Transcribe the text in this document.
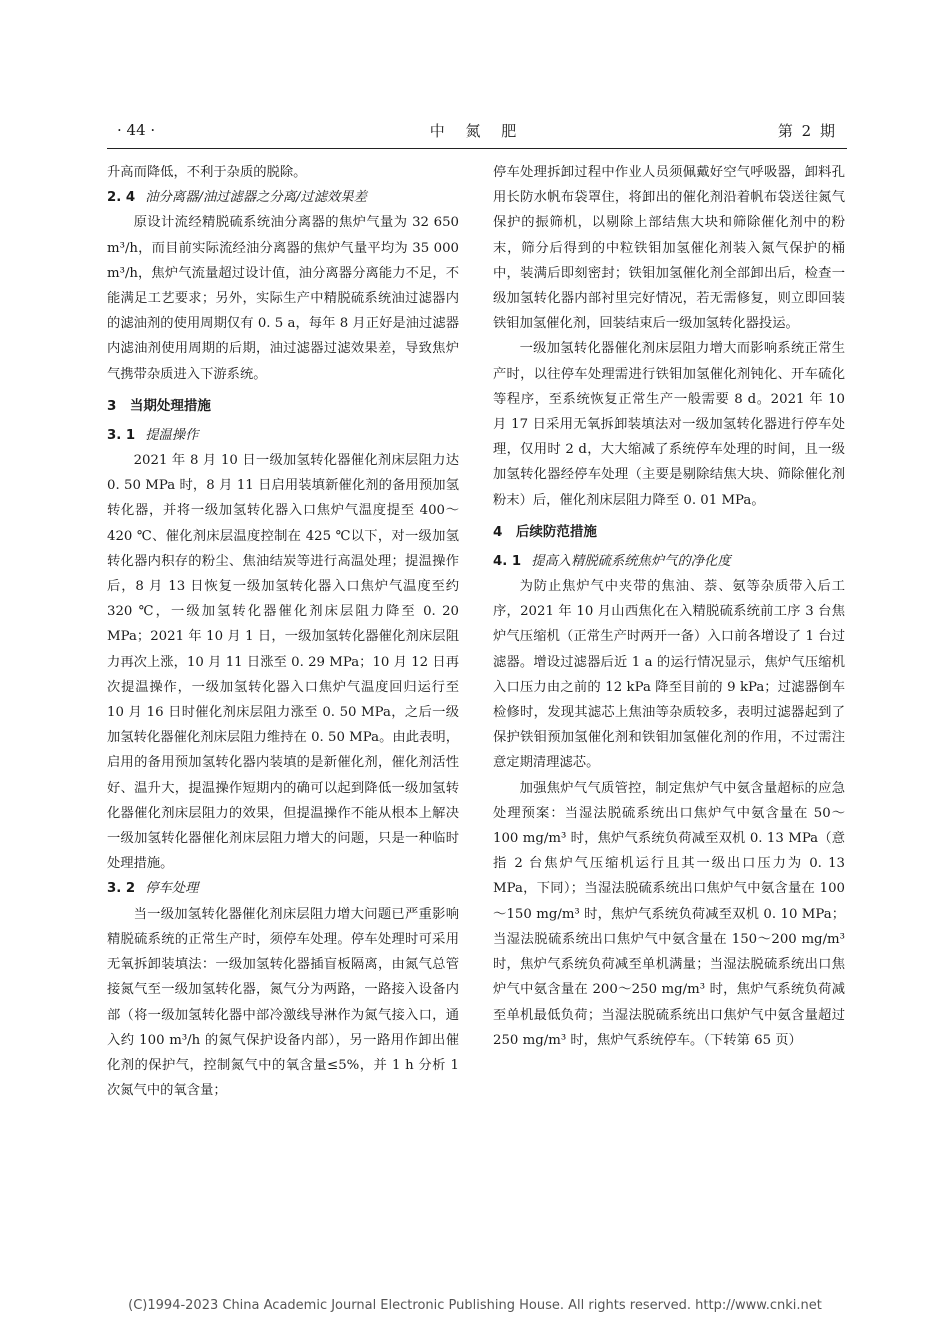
· 44 ·	中 氮 肥	第 2 期

升高而降低，不利于杂质的脱除。

2. 4 油分离器/油过滤器之分离/过滤效果差

原设计流经精脱硫系统油分离器的焦炉气量为 32 650 m³/h，而目前实际流经油分离器的焦炉气量平均为 35 000 m³/h，焦炉气流量超过设计值，油分离器分离能力不足，不能满足工艺要求；另外，实际生产中精脱硫系统油过滤器内的滤油剂的使用周期仅有 0. 5 a，每年 8 月正好是油过滤器内滤油剂使用周期的后期，油过滤器过滤效果差，导致焦炉气携带杂质进入下游系统。

3　当期处理措施
3. 1 提温操作

2021 年 8 月 10 日一级加氢转化器催化剂床层阻力达 0. 50 MPa 时，8 月 11 日启用装填新催化剂的备用预加氢转化器，并将一级加氢转化器入口焦炉气温度提至 400～420 ℃、催化剂床层温度控制在 425 ℃以下，对一级加氢转化器内积存的粉尘、焦油结炭等进行高温处理；提温操作后，8 月 13 日恢复一级加氢转化器入口焦炉气温度至约 320 ℃，一级加氢转化器催化剂床层阻力降至 0. 20 MPa；2021 年 10 月 1 日，一级加氢转化器催化剂床层阻力再次上涨，10 月 11 日涨至 0. 29 MPa；10 月 12 日再次提温操作，一级加氢转化器入口焦炉气温度回归运行至 10 月 16 日时催化剂床层阻力涨至 0. 50 MPa，之后一级加氢转化器催化剂床层阻力维持在 0. 50 MPa。由此表明，启用的备用预加氢转化器内装填的是新催化剂，催化剂活性好、温升大，提温操作短期内的确可以起到降低一级加氢转化器催化剂床层阻力的效果，但提温操作不能从根本上解决一级加氢转化器催化剂床层阻力增大的问题，只是一种临时处理措施。

3. 2 停车处理

当一级加氢转化器催化剂床层阻力增大问题已严重影响精脱硫系统的正常生产时，须停车处理。停车处理时可采用无氧拆卸装填法：一级加氢转化器插盲板隔离，由氮气总管接氮气至一级加氢转化器，氮气分为两路，一路接入设备内部（将一级加氢转化器中部冷激线导淋作为氮气接入口，通入约 100 m³/h 的氮气保护设备内部），另一路用作卸出催化剂的保护气，控制氮气中的氧含量≤5%，并 1 h 分析 1 次氮气中的氧含量；

停车处理拆卸过程中作业人员须佩戴好空气呼吸器，卸料孔用长防水帆布袋罩住，将卸出的催化剂沿着帆布袋送往氮气保护的振筛机，以剔除上部结焦大块和筛除催化剂中的粉末，筛分后得到的中粒铁钼加氢催化剂装入氮气保护的桶中，装满后即刻密封；铁钼加氢催化剂全部卸出后，检查一级加氢转化器内部衬里完好情况，若无需修复，则立即回装铁钼加氢催化剂，回装结束后一级加氢转化器投运。

一级加氢转化器催化剂床层阻力增大而影响系统正常生产时，以往停车处理需进行铁钼加氢催化剂钝化、开车硫化等程序，至系统恢复正常生产一般需要 8 d。2021 年 10 月 17 日采用无氧拆卸装填法对一级加氢转化器进行停车处理，仅用时 2 d，大大缩减了系统停车处理的时间，且一级加氢转化器经停车处理（主要是剔除结焦大块、筛除催化剂粉末）后，催化剂床层阻力降至 0. 01 MPa。

4　后续防范措施
4. 1 提高入精脱硫系统焦炉气的净化度

为防止焦炉气中夹带的焦油、萘、氨等杂质带入后工序，2021 年 10 月山西焦化在入精脱硫系统前工序 3 台焦炉气压缩机（正常生产时两开一备）入口前各增设了 1 台过滤器。增设过滤器后近 1 a 的运行情况显示，焦炉气压缩机入口压力由之前的 12 kPa 降至目前的 9 kPa；过滤器倒车检修时，发现其滤芯上焦油等杂质较多，表明过滤器起到了保护铁钼预加氢催化剂和铁钼加氢催化剂的作用，不过需注意定期清理滤芯。

加强焦炉气气质管控，制定焦炉气中氨含量超标的应急处理预案：当湿法脱硫系统出口焦炉气中氨含量在 50～100 mg/m³ 时，焦炉气系统负荷减至双机 0. 13 MPa（意指 2 台焦炉气压缩机运行且其一级出口压力为 0. 13 MPa，下同）；当湿法脱硫系统出口焦炉气中氨含量在 100～150 mg/m³ 时，焦炉气系统负荷减至双机 0. 10 MPa；当湿法脱硫系统出口焦炉气中氨含量在 150～200 mg/m³ 时，焦炉气系统负荷减至单机满量；当湿法脱硫系统出口焦炉气中氨含量在 200～250 mg/m³ 时，焦炉气系统负荷减至单机最低负荷；当湿法脱硫系统出口焦炉气中氨含量超过 250 mg/m³ 时，焦炉气系统停车。（下转第 65 页）

(C)1994-2023 China Academic Journal Electronic Publishing House. All rights reserved. http://www.cnki.net
